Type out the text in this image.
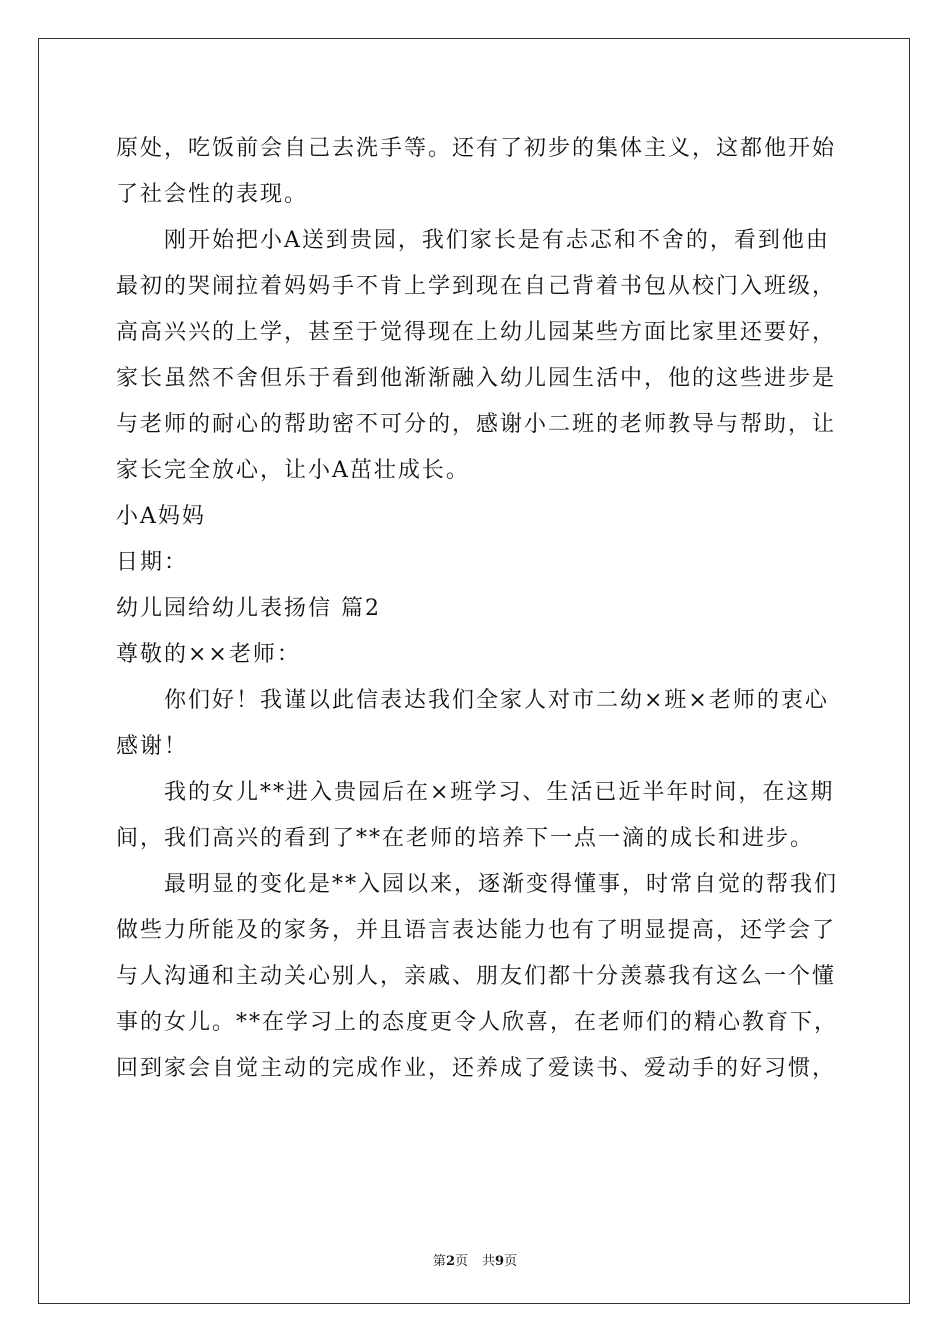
原处，吃饭前会自己去洗手等。还有了初步的集体主义，这都他开始
了社会性的表现。
刚开始把小A送到贵园，我们家长是有忐忑和不舍的，看到他由
最初的哭闹拉着妈妈手不肯上学到现在自己背着书包从校门入班级，
高高兴兴的上学，甚至于觉得现在上幼儿园某些方面比家里还要好，
家长虽然不舍但乐于看到他渐渐融入幼儿园生活中，他的这些进步是
与老师的耐心的帮助密不可分的，感谢小二班的老师教导与帮助，让
家长完全放心，让小A茁壮成长。
小A妈妈
日期：
幼儿园给幼儿表扬信 篇2
尊敬的××老师：
你们好！我谨以此信表达我们全家人对市二幼×班×老师的衷心
感谢！
我的女儿**进入贵园后在×班学习、生活已近半年时间，在这期
间，我们高兴的看到了**在老师的培养下一点一滴的成长和进步。
最明显的变化是**入园以来，逐渐变得懂事，时常自觉的帮我们
做些力所能及的家务，并且语言表达能力也有了明显提高，还学会了
与人沟通和主动关心别人，亲戚、朋友们都十分羡慕我有这么一个懂
事的女儿。**在学习上的态度更令人欣喜，在老师们的精心教育下，
回到家会自觉主动的完成作业，还养成了爱读书、爱动手的好习惯，
第2页 共9页
